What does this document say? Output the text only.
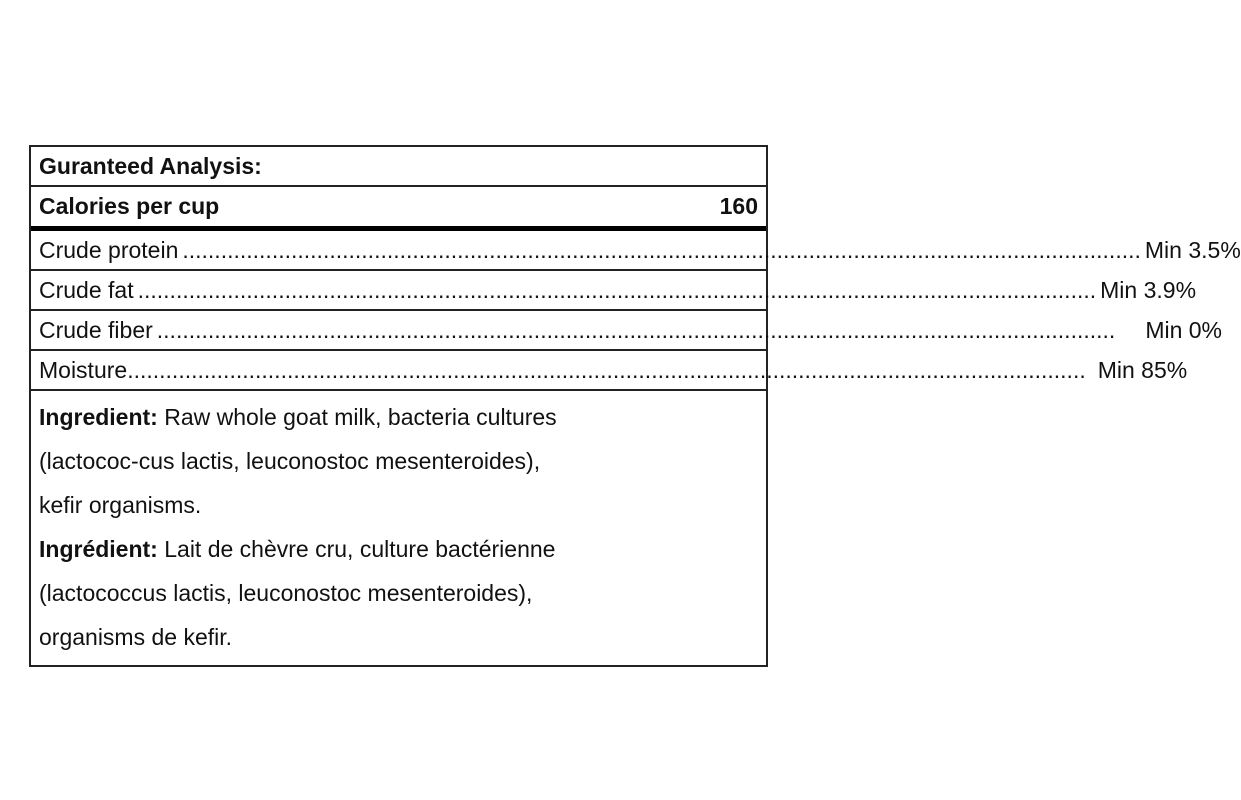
Guranteed Analysis:
Calories per cup	160
Crude protein ...................................................................................................................................................... Min 3.5%
Crude fat ...................................................................................................................................................... Min 3.9%
Crude fiber ...................................................................................................................................................... Min 0%
Moisture ...................................................................................................................................................... Min 85%

Ingredient: Raw whole goat milk, bacteria cultures

(lactococ-cus lactis, leuconostoc mesenteroides),

kefir organisms.

Ingrédient: Lait de chèvre cru, culture bactérienne

(lactococcus lactis, leuconostoc mesenteroides),

organisms de kefir.
